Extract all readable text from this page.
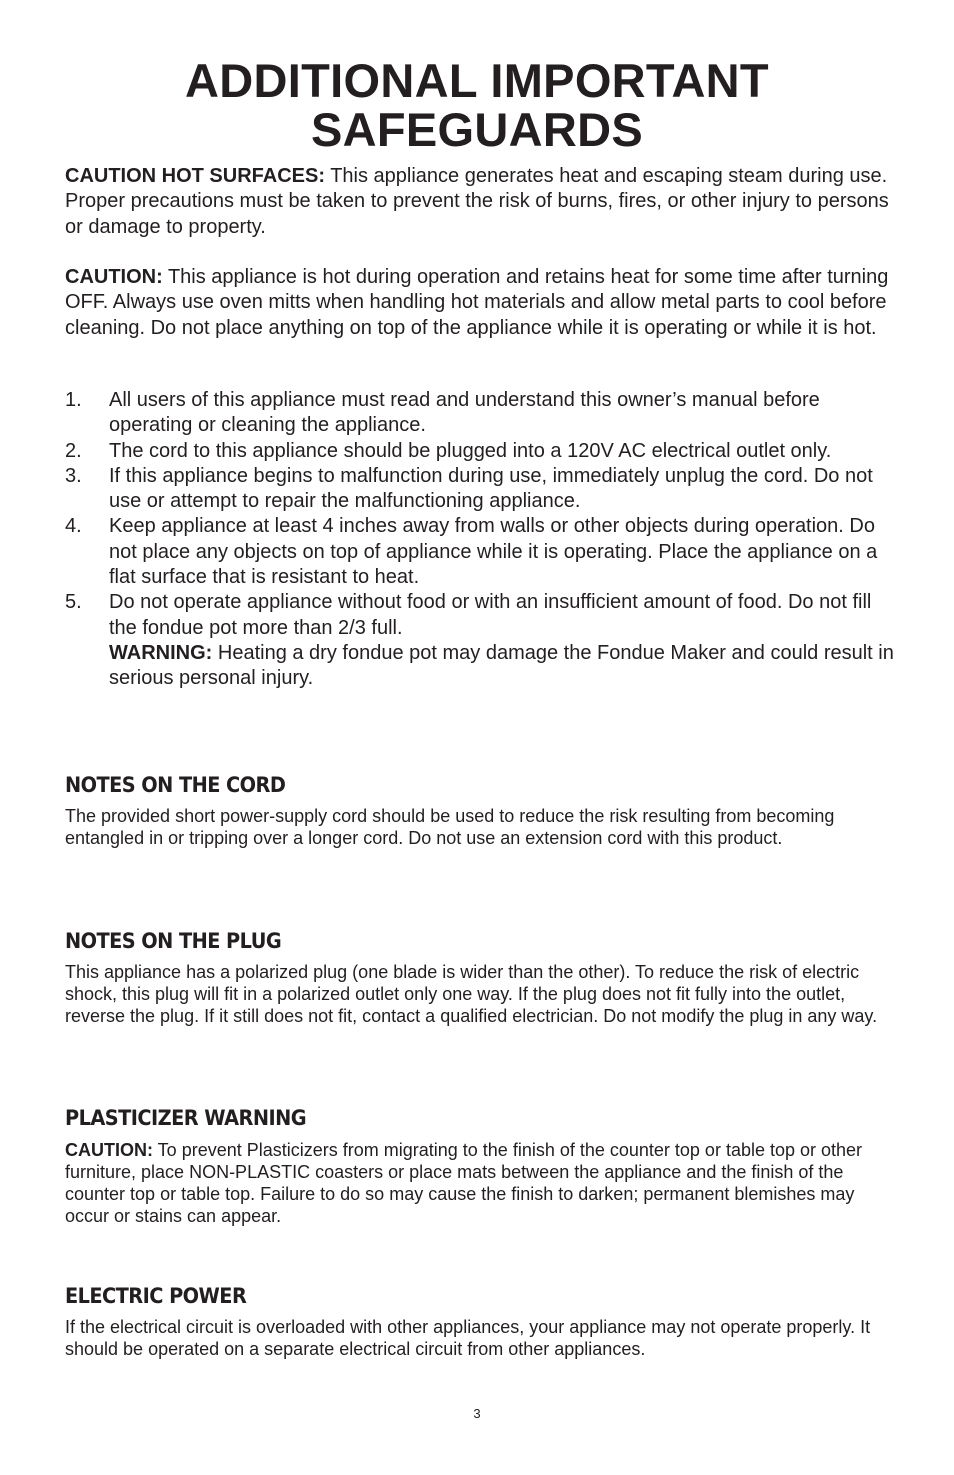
ADDITIONAL IMPORTANT
SAFEGUARDS

CAUTION HOT SURFACES: This appliance generates heat and escaping steam during use. Proper precautions must be taken to prevent the risk of burns, fires, or other injury to persons or damage to property.

CAUTION: This appliance is hot during operation and retains heat for some time after turning OFF. Always use oven mitts when handling hot materials and allow metal parts to cool before cleaning. Do not place anything on top of the appliance while it is operating or while it is hot.

1. All users of this appliance must read and understand this owner’s manual before operating or cleaning the appliance.
2. The cord to this appliance should be plugged into a 120V AC electrical outlet only.
3. If this appliance begins to malfunction during use, immediately unplug the cord. Do not use or attempt to repair the malfunctioning appliance.
4. Keep appliance at least 4 inches away from walls or other objects during operation. Do not place any objects on top of appliance while it is operating. Place the appliance on a flat surface that is resistant to heat.
5. Do not operate appliance without food or with an insufficient amount of food. Do not fill the fondue pot more than 2/3 full.
WARNING: Heating a dry fondue pot may damage the Fondue Maker and could result in serious personal injury.
NOTES ON THE CORD

The provided short power-supply cord should be used to reduce the risk resulting from becoming entangled in or tripping over a longer cord. Do not use an extension cord with this product.

NOTES ON THE PLUG

This appliance has a polarized plug (one blade is wider than the other). To reduce the risk of electric shock, this plug will fit in a polarized outlet only one way. If the plug does not fit fully into the outlet, reverse the plug. If it still does not fit, contact a qualified electrician. Do not modify the plug in any way.

PLASTICIZER WARNING

CAUTION: To prevent Plasticizers from migrating to the finish of the counter top or table top or other furniture, place NON-PLASTIC coasters or place mats between the appliance and the finish of the counter top or table top. Failure to do so may cause the finish to darken; permanent blemishes may occur or stains can appear.

ELECTRIC POWER

If the electrical circuit is overloaded with other appliances, your appliance may not operate properly. It should be operated on a separate electrical circuit from other appliances.

3
